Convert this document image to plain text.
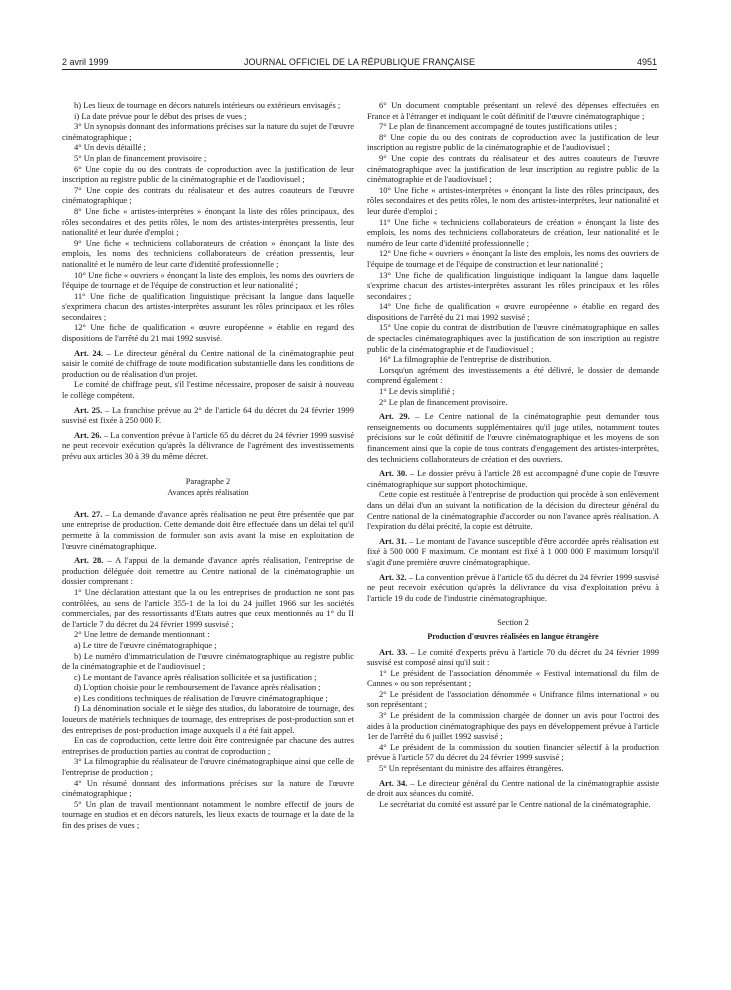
2 avril 1999	JOURNAL OFFICIEL DE LA RÉPUBLIQUE FRANÇAISE	4951

h) Les lieux de tournage en décors naturels intérieurs ou extérieurs envisagés ;

i) La date prévue pour le début des prises de vues ;

3° Un synopsis donnant des informations précises sur la nature du sujet de l'œuvre cinématographique ;

4° Un devis détaillé ;

5° Un plan de financement provisoire ;

6° Une copie du ou des contrats de coproduction avec la justification de leur inscription au registre public de la cinématographie et de l'audiovisuel ;

7° Une copie des contrats du réalisateur et des autres coauteurs de l'œuvre cinématographique ;

8° Une fiche « artistes-interprètes » énonçant la liste des rôles principaux, des rôles secondaires et des petits rôles, le nom des artistes-interprètes pressentis, leur nationalité et leur durée d'emploi ;

9° Une fiche « techniciens collaborateurs de création » énonçant la liste des emplois, les noms des techniciens collaborateurs de création pressentis, leur nationalité et le numéro de leur carte d'identité professionnelle ;

10° Une fiche « ouvriers » énonçant la liste des emplois, les noms des ouvriers de l'équipe de tournage et de l'équipe de construction et leur nationalité ;

11° Une fiche de qualification linguistique précisant la langue dans laquelle s'exprimera chacun des artistes-interprètes assurant les rôles principaux et les rôles secondaires ;

12° Une fiche de qualification « œuvre européenne » établie en regard des dispositions de l'arrêté du 21 mai 1992 susvisé.

Art. 24. – Le directeur général du Centre national de la cinématographie peut saisir le comité de chiffrage de toute modification substantielle dans les conditions de production ou de réalisation d'un projet.

Le comité de chiffrage peut, s'il l'estime nécessaire, proposer de saisir à nouveau le collège compétent.

Art. 25. – La franchise prévue au 2° de l'article 64 du décret du 24 février 1999 susvisé est fixée à 250 000 F.

Art. 26. – La convention prévue à l'article 65 du décret du 24 février 1999 susvisé ne peut recevoir exécution qu'après la délivrance de l'agrément des investissements prévu aux articles 30 à 39 du même décret.

Paragraphe 2

Avances après réalisation

Art. 27. – La demande d'avance après réalisation ne peut être présentée que par une entreprise de production. Cette demande doit être effectuée dans un délai tel qu'il permette à la commission de formuler son avis avant la mise en exploitation de l'œuvre cinématographique.

Art. 28. – A l'appui de la demande d'avance après réalisation, l'entreprise de production déléguée doit remettre au Centre national de la cinématographie un dossier comprenant :

1° Une déclaration attestant que la ou les entreprises de production ne sont pas contrôlées, au sens de l'article 355-1 de la loi du 24 juillet 1966 sur les sociétés commerciales, par des ressortissants d'Etats autres que ceux mentionnés au 1° du II de l'article 7 du décret du 24 février 1999 susvisé ;

2° Une lettre de demande mentionnant :

a) Le titre de l'œuvre cinématographique ;

b) Le numéro d'immatriculation de l'œuvre cinématographique au registre public de la cinématographie et de l'audiovisuel ;

c) Le montant de l'avance après réalisation sollicitée et sa justification ;

d) L'option choisie pour le remboursement de l'avance après réalisation ;

e) Les conditions techniques de réalisation de l'œuvre cinématographique ;

f) La dénomination sociale et le siège des studios, du laboratoire de tournage, des loueurs de matériels techniques de tournage, des entreprises de post-production son et des entreprises de post-production image auxquels il a été fait appel.

En cas de coproduction, cette lettre doit être contresignée par chacune des autres entreprises de production parties au contrat de coproduction ;

3° La filmographie du réalisateur de l'œuvre cinématographique ainsi que celle de l'entreprise de production ;

4° Un résumé donnant des informations précises sur la nature de l'œuvre cinématographique ;

5° Un plan de travail mentionnant notamment le nombre effectif de jours de tournage en studios et en décors naturels, les lieux exacts de tournage et la date de la fin des prises de vues ;

6° Un document comptable présentant un relevé des dépenses effectuées en France et à l'étranger et indiquant le coût définitif de l'œuvre cinématographique ;

7° Le plan de financement accompagné de toutes justifications utiles ;

8° Une copie du ou des contrats de coproduction avec la justification de leur inscription au registre public de la cinématographie et de l'audiovisuel ;

9° Une copie des contrats du réalisateur et des autres coauteurs de l'œuvre cinématographique avec la justification de leur inscription au registre public de la cinématographie et de l'audiovisuel ;

10° Une fiche « artistes-interprètes » énonçant la liste des rôles principaux, des rôles secondaires et des petits rôles, le nom des artistes-interprètes, leur nationalité et leur durée d'emploi ;

11° Une fiche « techniciens collaborateurs de création » énonçant la liste des emplois, les noms des techniciens collaborateurs de création, leur nationalité et le numéro de leur carte d'identité professionnelle ;

12° Une fiche « ouvriers » énonçant la liste des emplois, les noms des ouvriers de l'équipe de tournage et de l'équipe de construction et leur nationalité ;

13° Une fiche de qualification linguistique indiquant la langue dans laquelle s'exprime chacun des artistes-interprètes assurant les rôles principaux et les rôles secondaires ;

14° Une fiche de qualification « œuvre européenne » établie en regard des dispositions de l'arrêté du 21 mai 1992 susvisé ;

15° Une copie du contrat de distribution de l'œuvre cinématographique en salles de spectacles cinématographiques avec la justification de son inscription au registre public de la cinématographie et de l'audiovisuel ;

16° La filmographie de l'entreprise de distribution.

Lorsqu'un agrément des investissements a été délivré, le dossier de demande comprend également :

1° Le devis simplifié ;

2° Le plan de financement provisoire.

Art. 29. – Le Centre national de la cinématographie peut demander tous renseignements ou documents supplémentaires qu'il juge utiles, notamment toutes précisions sur le coût définitif de l'œuvre cinématographique et les moyens de son financement ainsi que la copie de tous contrats d'engagement des artistes-interprètes, des techniciens collaborateurs de création et des ouvriers.

Art. 30. – Le dossier prévu à l'article 28 est accompagné d'une copie de l'œuvre cinématographique sur support photochimique.

Cette copie est restituée à l'entreprise de production qui procède à son enlèvement dans un délai d'un an suivant la notification de la décision du directeur général du Centre national de la cinématographie d'accorder ou non l'avance après réalisation. A l'expiration du délai précité, la copie est détruite.

Art. 31. – Le montant de l'avance susceptible d'être accordée après réalisation est fixé à 500 000 F maximum. Ce montant est fixé à 1 000 000 F maximum lorsqu'il s'agit d'une première œuvre cinématographique.

Art. 32. – La convention prévue à l'article 65 du décret du 24 février 1999 susvisé ne peut recevoir exécution qu'après la délivrance du visa d'exploitation prévu à l'article 19 du code de l'industrie cinématographique.

Section 2

Production d'œuvres réalisées en langue étrangère

Art. 33. – Le comité d'experts prévu à l'article 70 du décret du 24 février 1999 susvisé est composé ainsi qu'il suit :

1° Le président de l'association dénommée « Festival international du film de Cannes » ou son représentant ;

2° Le président de l'association dénommée « Unifrance films international » ou son représentant ;

3° Le président de la commission chargée de donner un avis pour l'octroi des aides à la production cinématographique des pays en développement prévue à l'article 1er de l'arrêté du 6 juillet 1992 susvisé ;

4° Le président de la commission du soutien financier sélectif à la production prévue à l'article 57 du décret du 24 février 1999 susvisé ;

5° Un représentant du ministre des affaires étrangères.

Art. 34. – Le directeur général du Centre national de la cinématographie assiste de droit aux séances du comité.

Le secrétariat du comité est assuré par le Centre national de la cinématographie.
